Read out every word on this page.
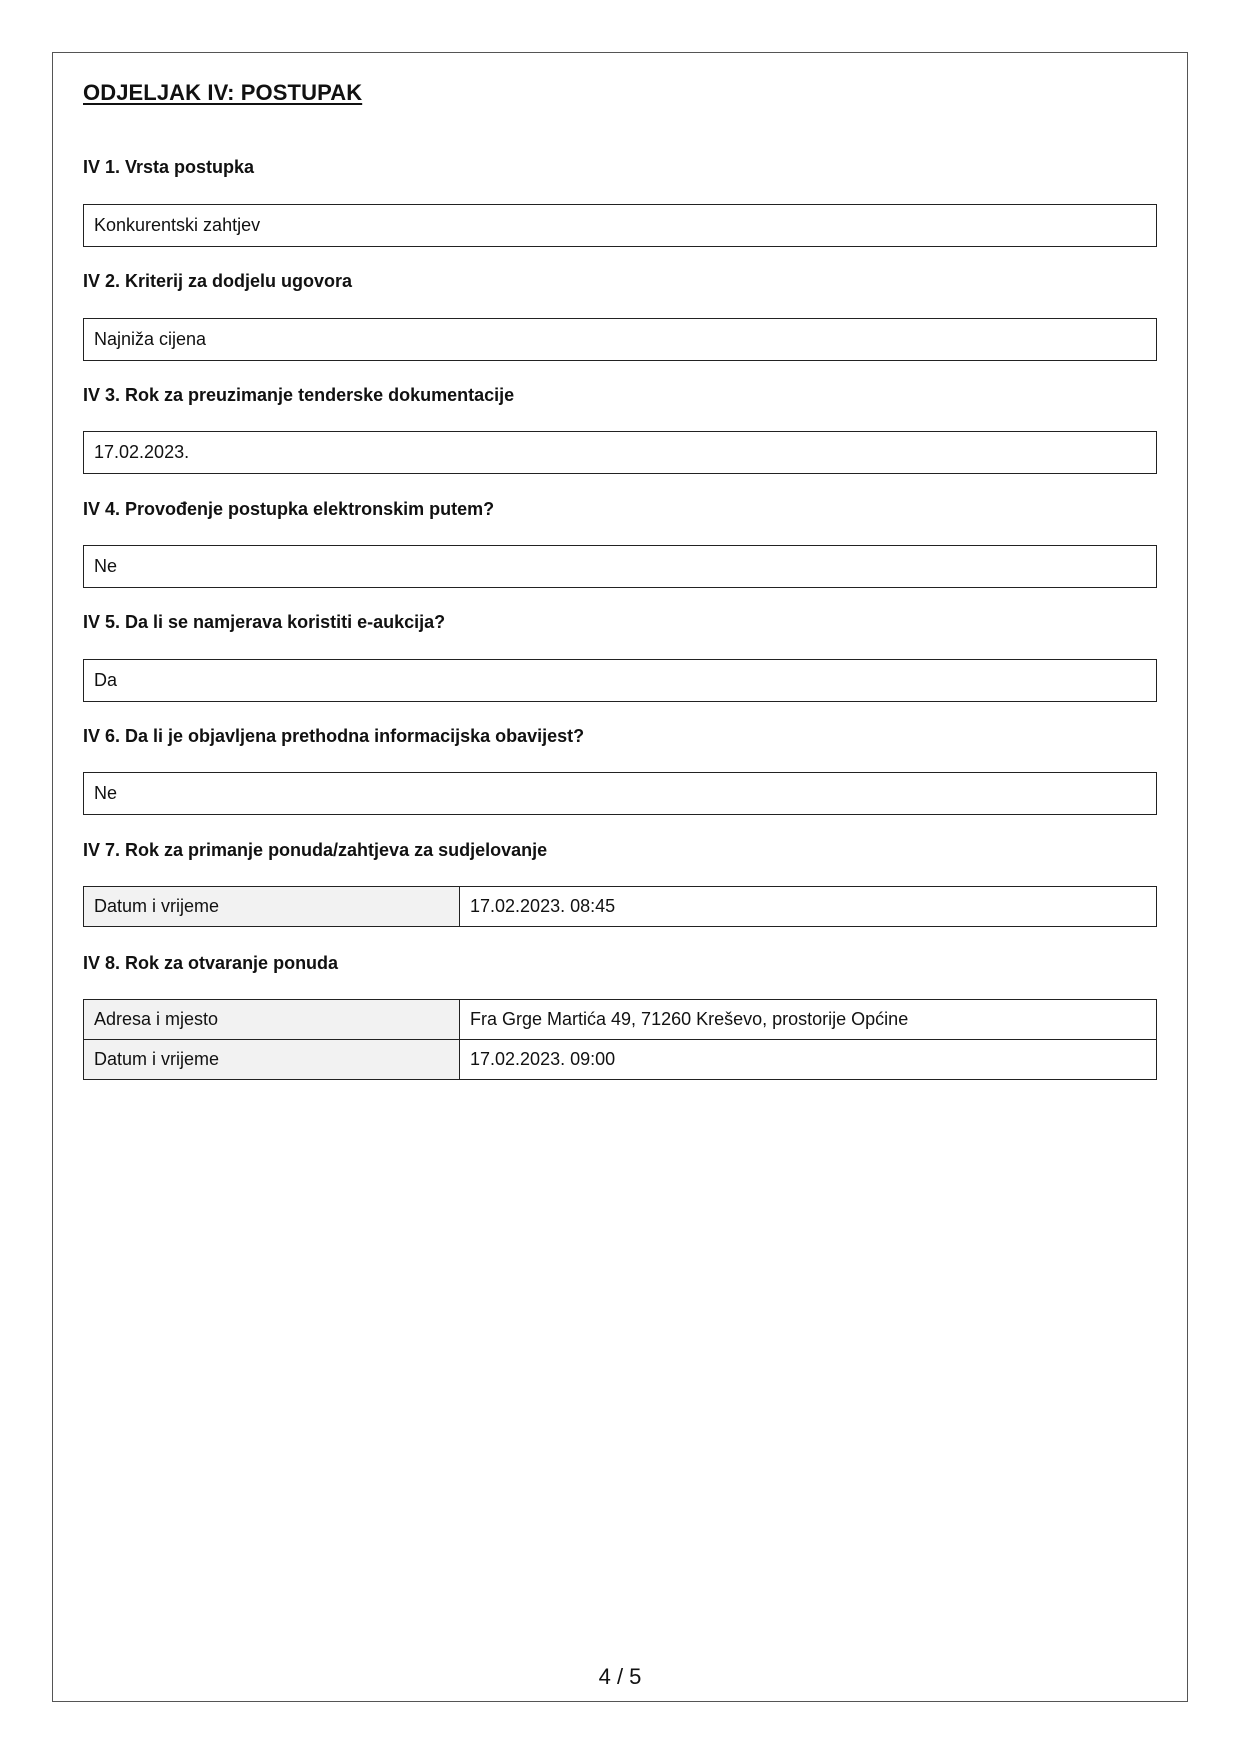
ODJELJAK IV: POSTUPAK
IV 1. Vrsta postupka
Konkurentski zahtjev
IV 2. Kriterij za dodjelu ugovora
Najniža cijena
IV 3. Rok za preuzimanje tenderske dokumentacije
17.02.2023.
IV 4. Provođenje postupka elektronskim putem?
Ne
IV 5. Da li se namjerava koristiti e-aukcija?
Da
IV 6. Da li je objavljena prethodna informacijska obavijest?
Ne
IV 7. Rok za primanje ponuda/zahtjeva za sudjelovanje
Datum i vrijeme	17.02.2023. 08:45
IV 8. Rok za otvaranje ponuda
Adresa i mjesto	Fra Grge Martića 49, 71260 Kreševo, prostorije Općine
Datum i vrijeme	17.02.2023. 09:00
4 / 5
